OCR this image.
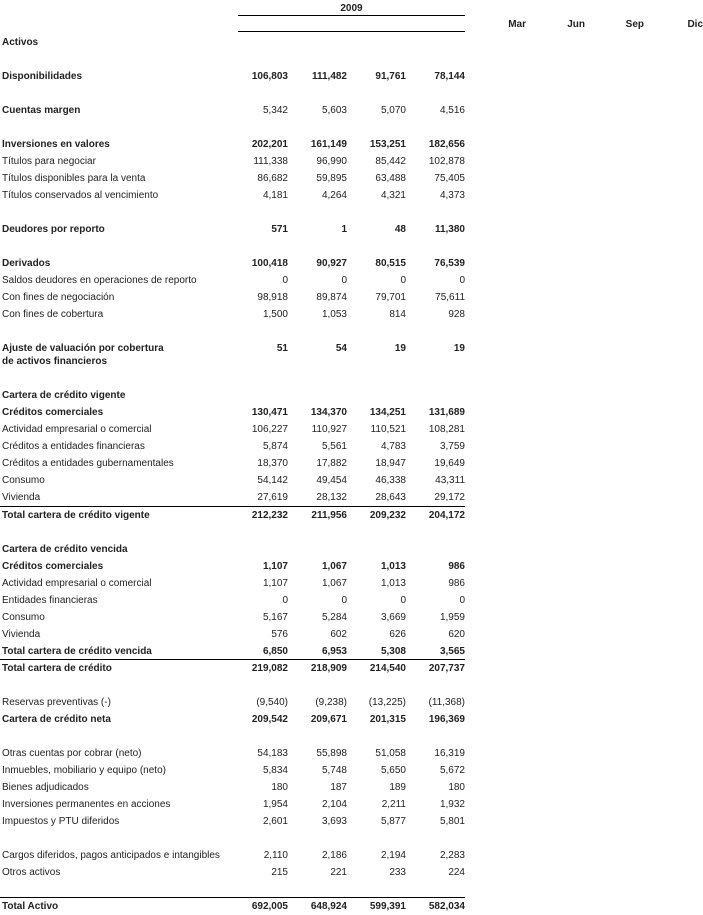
2009
Mar	Jun	Sep	Dic
Activos
Disponibilidades	106,803	111,482	91,761	78,144
Cuentas margen	5,342	5,603	5,070	4,516
Inversiones en valores	202,201	161,149	153,251	182,656
Títulos para negociar	111,338	96,990	85,442	102,878
Títulos disponibles para la venta	86,682	59,895	63,488	75,405
Títulos conservados al vencimiento	4,181	4,264	4,321	4,373
Deudores por reporto	571	1	48	11,380
Derivados	100,418	90,927	80,515	76,539
Saldos deudores en operaciones de reporto	0	0	0	0
Con fines de negociación	98,918	89,874	79,701	75,611
Con fines de cobertura	1,500	1,053	814	928
Ajuste de valuación por cobertura	51	54	19	19
de activos financieros
Cartera de crédito vigente
Créditos comerciales	130,471	134,370	134,251	131,689
Actividad empresarial o comercial	106,227	110,927	110,521	108,281
Créditos a entidades financieras	5,874	5,561	4,783	3,759
Créditos a entidades gubernamentales	18,370	17,882	18,947	19,649
Consumo	54,142	49,454	46,338	43,311
Vivienda	27,619	28,132	28,643	29,172
Total cartera de crédito vigente	212,232	211,956	209,232	204,172
Cartera de crédito vencida
Créditos comerciales	1,107	1,067	1,013	986
Actividad empresarial o comercial	1,107	1,067	1,013	986
Entidades financieras	0	0	0	0
Consumo	5,167	5,284	3,669	1,959
Vivienda	576	602	626	620
Total cartera de crédito vencida	6,850	6,953	5,308	3,565
Total cartera de crédito	219,082	218,909	214,540	207,737
Reservas preventivas (-)	(9,540)	(9,238)	(13,225)	(11,368)
Cartera de crédito neta	209,542	209,671	201,315	196,369
Otras cuentas por cobrar (neto)	54,183	55,898	51,058	16,319
Inmuebles, mobiliario y equipo (neto)	5,834	5,748	5,650	5,672
Bienes adjudicados	180	187	189	180
Inversiones permanentes en acciones	1,954	2,104	2,211	1,932
Impuestos y PTU diferidos	2,601	3,693	5,877	5,801
Cargos diferidos, pagos anticipados e intangibles	2,110	2,186	2,194	2,283
Otros activos	215	221	233	224
Total Activo	692,005	648,924	599,391	582,034
